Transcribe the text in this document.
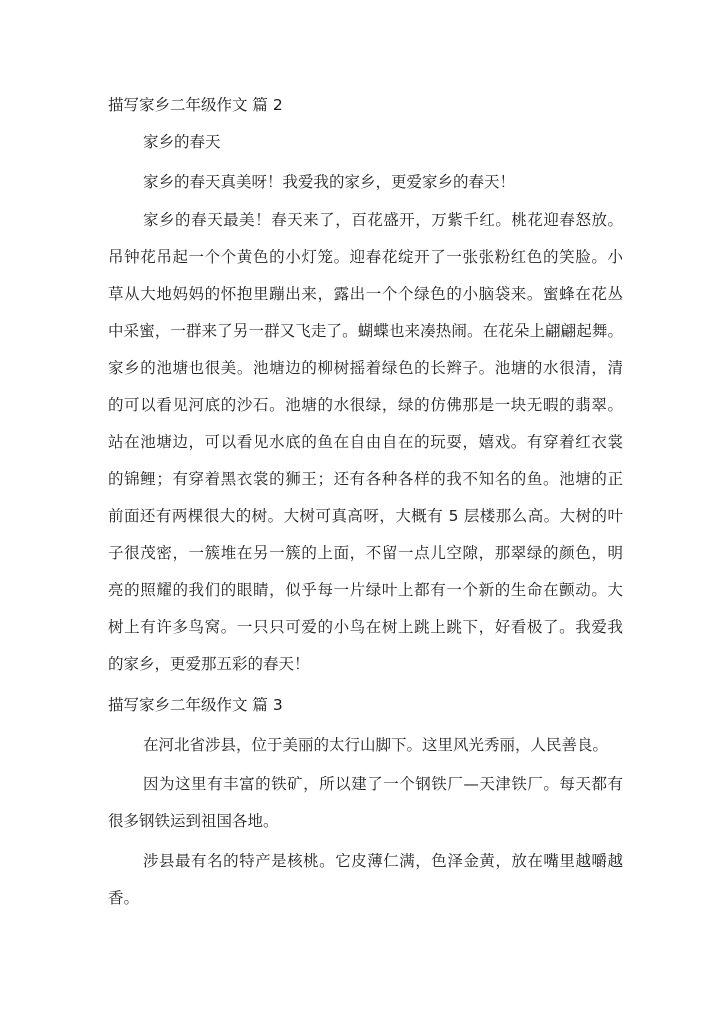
描写家乡二年级作文 篇 2

家乡的春天

家乡的春天真美呀！我爱我的家乡，更爱家乡的春天！

家乡的春天最美！春天来了，百花盛开，万紫千红。桃花迎春怒放。

吊钟花吊起一个个黄色的小灯笼。迎春花绽开了一张张粉红色的笑脸。小

草从大地妈妈的怀抱里蹦出来，露出一个个绿色的小脑袋来。蜜蜂在花丛

中采蜜，一群来了另一群又飞走了。蝴蝶也来凑热闹。在花朵上翩翩起舞。

家乡的池塘也很美。池塘边的柳树摇着绿色的长辫子。池塘的水很清，清

的可以看见河底的沙石。池塘的水很绿，绿的仿佛那是一块无暇的翡翠。

站在池塘边，可以看见水底的鱼在自由自在的玩耍，嬉戏。有穿着红衣裳

的锦鲤；有穿着黑衣裳的狮王；还有各种各样的我不知名的鱼。池塘的正

前面还有两棵很大的树。大树可真高呀，大概有 5 层楼那么高。大树的叶

子很茂密，一簇堆在另一簇的上面，不留一点儿空隙，那翠绿的颜色，明

亮的照耀的我们的眼睛，似乎每一片绿叶上都有一个新的生命在颤动。大

树上有许多鸟窝。一只只可爱的小鸟在树上跳上跳下，好看极了。我爱我

的家乡，更爱那五彩的春天！

描写家乡二年级作文 篇 3

在河北省涉县，位于美丽的太行山脚下。这里风光秀丽，人民善良。

因为这里有丰富的铁矿，所以建了一个钢铁厂—天津铁厂。每天都有

很多钢铁运到祖国各地。

涉县最有名的特产是核桃。它皮薄仁满，色泽金黄，放在嘴里越嚼越

香。
